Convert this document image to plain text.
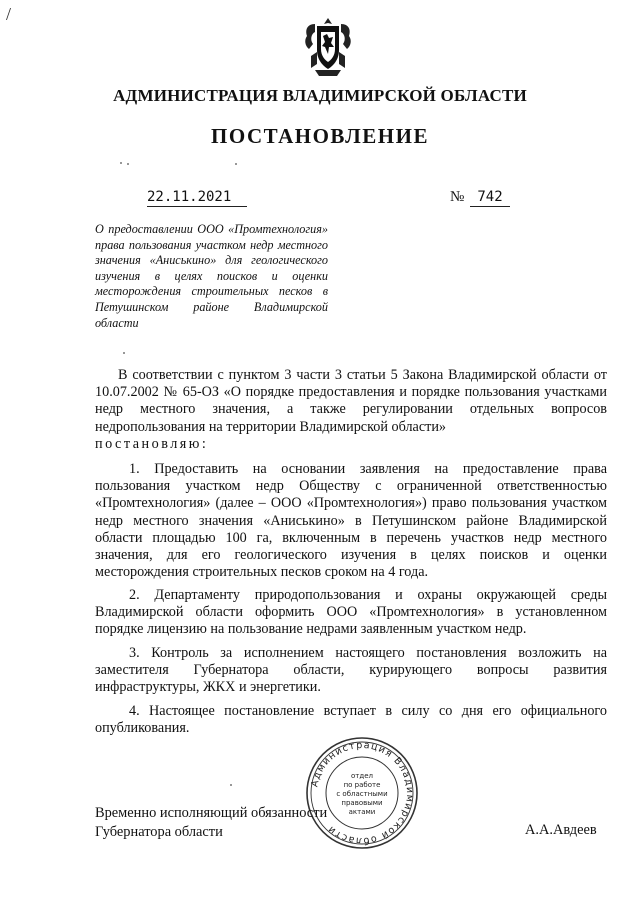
/
АДМИНИСТРАЦИЯ ВЛАДИМИРСКОЙ ОБЛАСТИ
ПОСТАНОВЛЕНИЕ
22.11.2021	№ 742
О предоставлении ООО «Промтехнология» права пользования участком недр местного значения «Аниськино» для геологического изучения в целях поисков и оценки месторождения строительных песков в Петушинском районе Владимирской области
В соответствии с пунктом 3 части 3 статьи 5 Закона Владимирской области от 10.07.2002 № 65-ОЗ «О порядке предоставления и порядке пользования участками недр местного значения, а также регулировании отдельных вопросов недропользования на территории Владимирской области»
постановляю:
1. Предоставить на основании заявления на предоставление права пользования участком недр Обществу с ограниченной ответственностью «Промтехнология» (далее – ООО «Промтехнология») право пользования участком недр местного значения «Аниськино» в Петушинском районе Владимирской области площадью 100 га, включенным в перечень участков недр местного значения, для его геологического изучения в целях поисков и оценки месторождения строительных песков сроком на 4 года.
2. Департаменту природопользования и охраны окружающей среды Владимирской области оформить ООО «Промтехнология» в установленном порядке лицензию на пользование недрами заявленным участком недр.
3. Контроль за исполнением настоящего постановления возложить на заместителя Губернатора области, курирующего вопросы развития инфраструктуры, ЖКХ и энергетики.
4. Настоящее постановление вступает в силу со дня его официального опубликования.
Администрация Владимирской области
отдел
по работе
с областными
правовыми
актами
Временно исполняющий обязанности
Губернатора области	А.А.Авдеев
